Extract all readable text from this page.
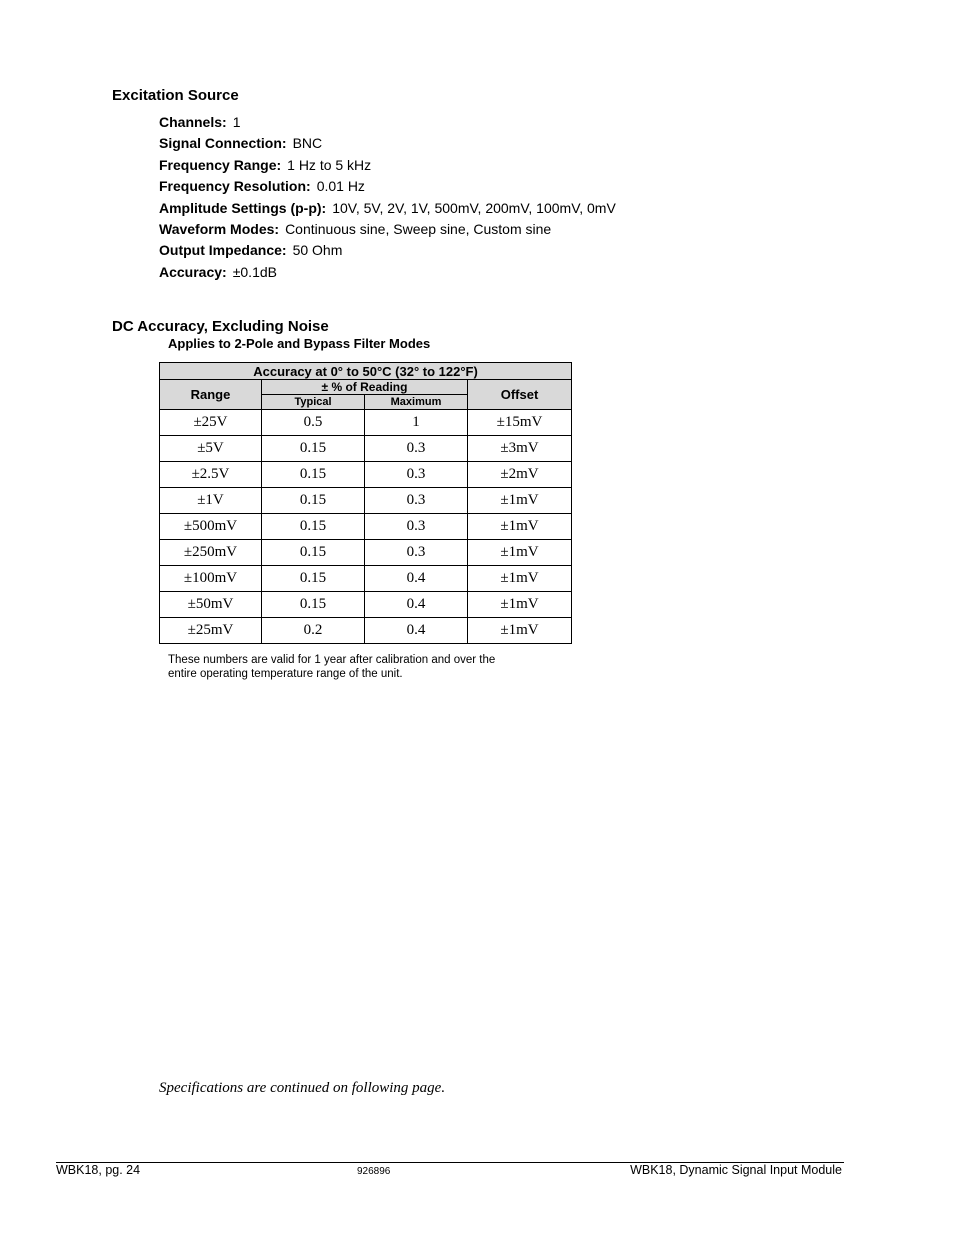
Excitation Source
Channels: 1
Signal Connection: BNC
Frequency Range: 1 Hz to 5 kHz
Frequency Resolution: 0.01 Hz
Amplitude Settings (p-p): 10V, 5V, 2V, 1V, 500mV, 200mV, 100mV, 0mV
Waveform Modes: Continuous sine, Sweep sine, Custom sine
Output Impedance: 50 Ohm
Accuracy: ±0.1dB
DC Accuracy, Excluding Noise
Applies to 2-Pole and Bypass Filter Modes
Accuracy at 0° to 50°C (32° to 122°F)			
Range	± % of Reading		Offset
	Typical	Maximum	
±25V	0.5	1	±15mV
±5V	0.15	0.3	±3mV
±2.5V	0.15	0.3	±2mV
±1V	0.15	0.3	±1mV
±500mV	0.15	0.3	±1mV
±250mV	0.15	0.3	±1mV
±100mV	0.15	0.4	±1mV
±50mV	0.15	0.4	±1mV
±25mV	0.2	0.4	±1mV
These numbers are valid for 1 year after calibration and over the
entire operating temperature range of the unit.
Specifications are continued on following page.
WBK18, pg. 24	926896	WBK18, Dynamic Signal Input Module
